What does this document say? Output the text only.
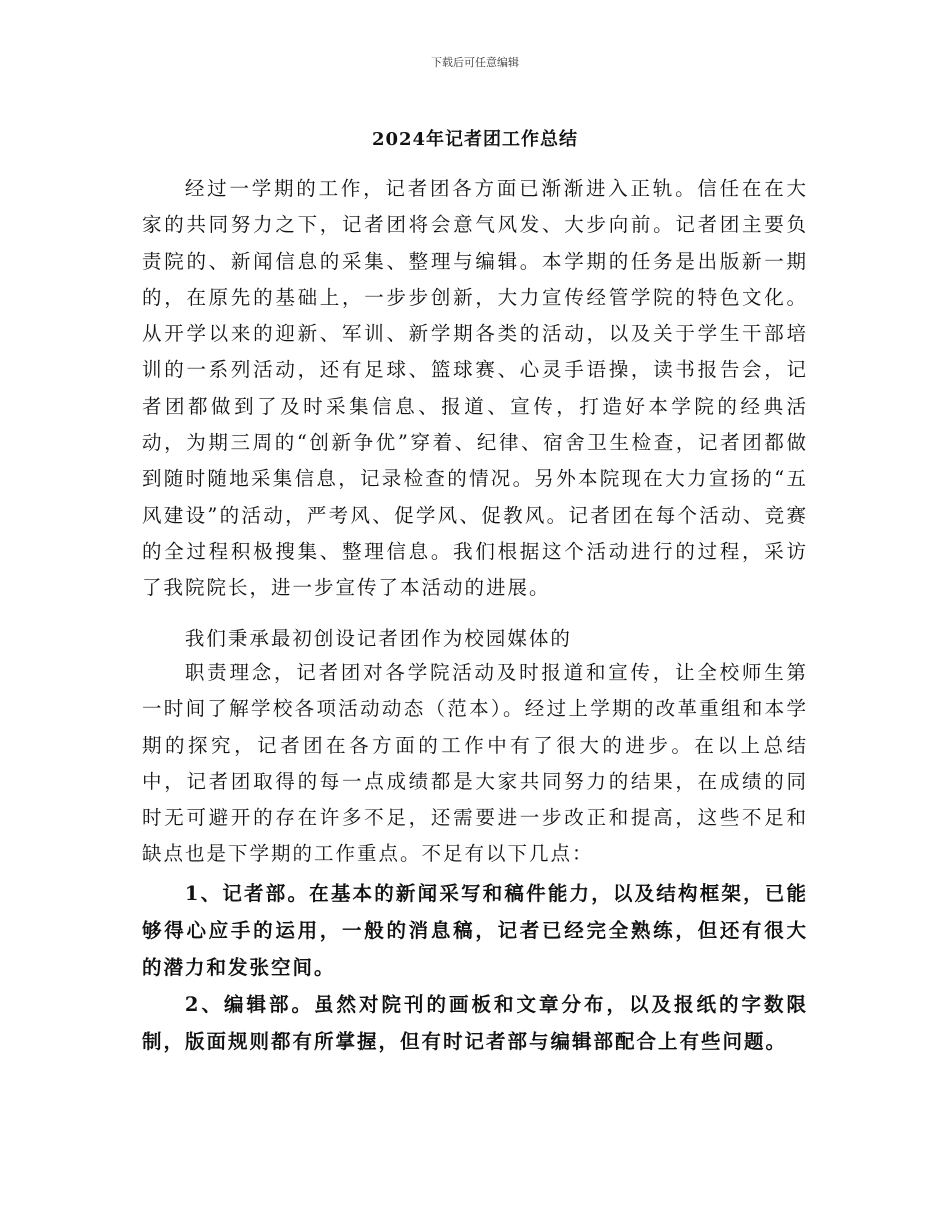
下载后可任意编辑
2024年记者团工作总结

经过一学期的工作，记者团各方面已渐渐进入正轨。信任在在大家的共同努力之下，记者团将会意气风发、大步向前。记者团主要负责院的、新闻信息的采集、整理与编辑。本学期的任务是出版新一期的，在原先的基础上，一步步创新，大力宣传经管学院的特色文化。从开学以来的迎新、军训、新学期各类的活动，以及关于学生干部培训的一系列活动，还有足球、篮球赛、心灵手语操，读书报告会，记者团都做到了及时采集信息、报道、宣传，打造好本学院的经典活动，为期三周的“创新争优”穿着、纪律、宿舍卫生检查，记者团都做到随时随地采集信息，记录检查的情况。另外本院现在大力宣扬的“五风建设”的活动，严考风、促学风、促教风。记者团在每个活动、竞赛的全过程积极搜集、整理信息。我们根据这个活动进行的过程，采访了我院院长，进一步宣传了本活动的进展。

我们秉承最初创设记者团作为校园媒体的

职责理念，记者团对各学院活动及时报道和宣传，让全校师生第一时间了解学校各项活动动态（范本）。经过上学期的改革重组和本学期的探究，记者团在各方面的工作中有了很大的进步。在以上总结中，记者团取得的每一点成绩都是大家共同努力的结果，在成绩的同时无可避开的存在许多不足，还需要进一步改正和提高，这些不足和缺点也是下学期的工作重点。不足有以下几点：

1、记者部。在基本的新闻采写和稿件能力，以及结构框架，已能够得心应手的运用，一般的消息稿，记者已经完全熟练，但还有很大的潜力和发张空间。

2、编辑部。虽然对院刊的画板和文章分布，以及报纸的字数限制，版面规则都有所掌握，但有时记者部与编辑部配合上有些问题。
